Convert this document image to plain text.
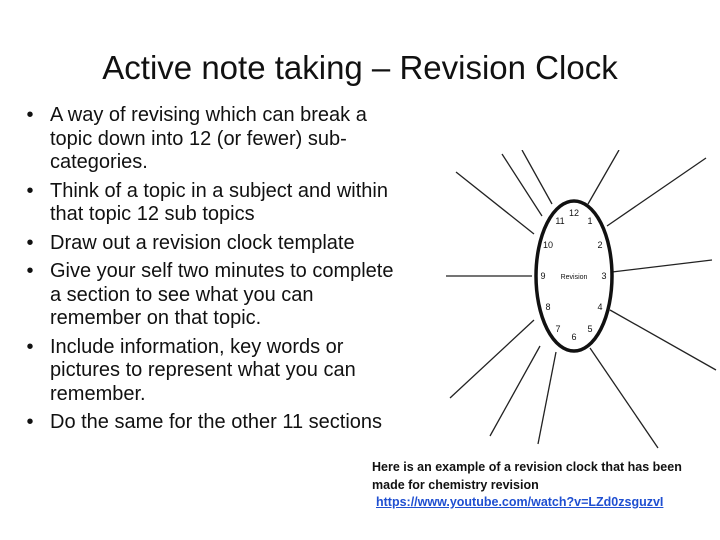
Active note taking – Revision Clock
• A way of revising which can break a topic down into 12 (or fewer) sub-categories.
• Think of a topic in a subject and within that topic 12 sub topics
• Draw out a revision clock template
• Give your self two minutes to complete a section to see what you can remember on that topic.
• Include information, key words or pictures to represent what you can remember.
• Do the same for the other 11 sections
12
1
2
3
4
5
6
7
8
9
10
11
Revision
Here is an example of a revision clock that has been made for chemistry revision
https://www.youtube.com/watch?v=LZd0zsguzvI
